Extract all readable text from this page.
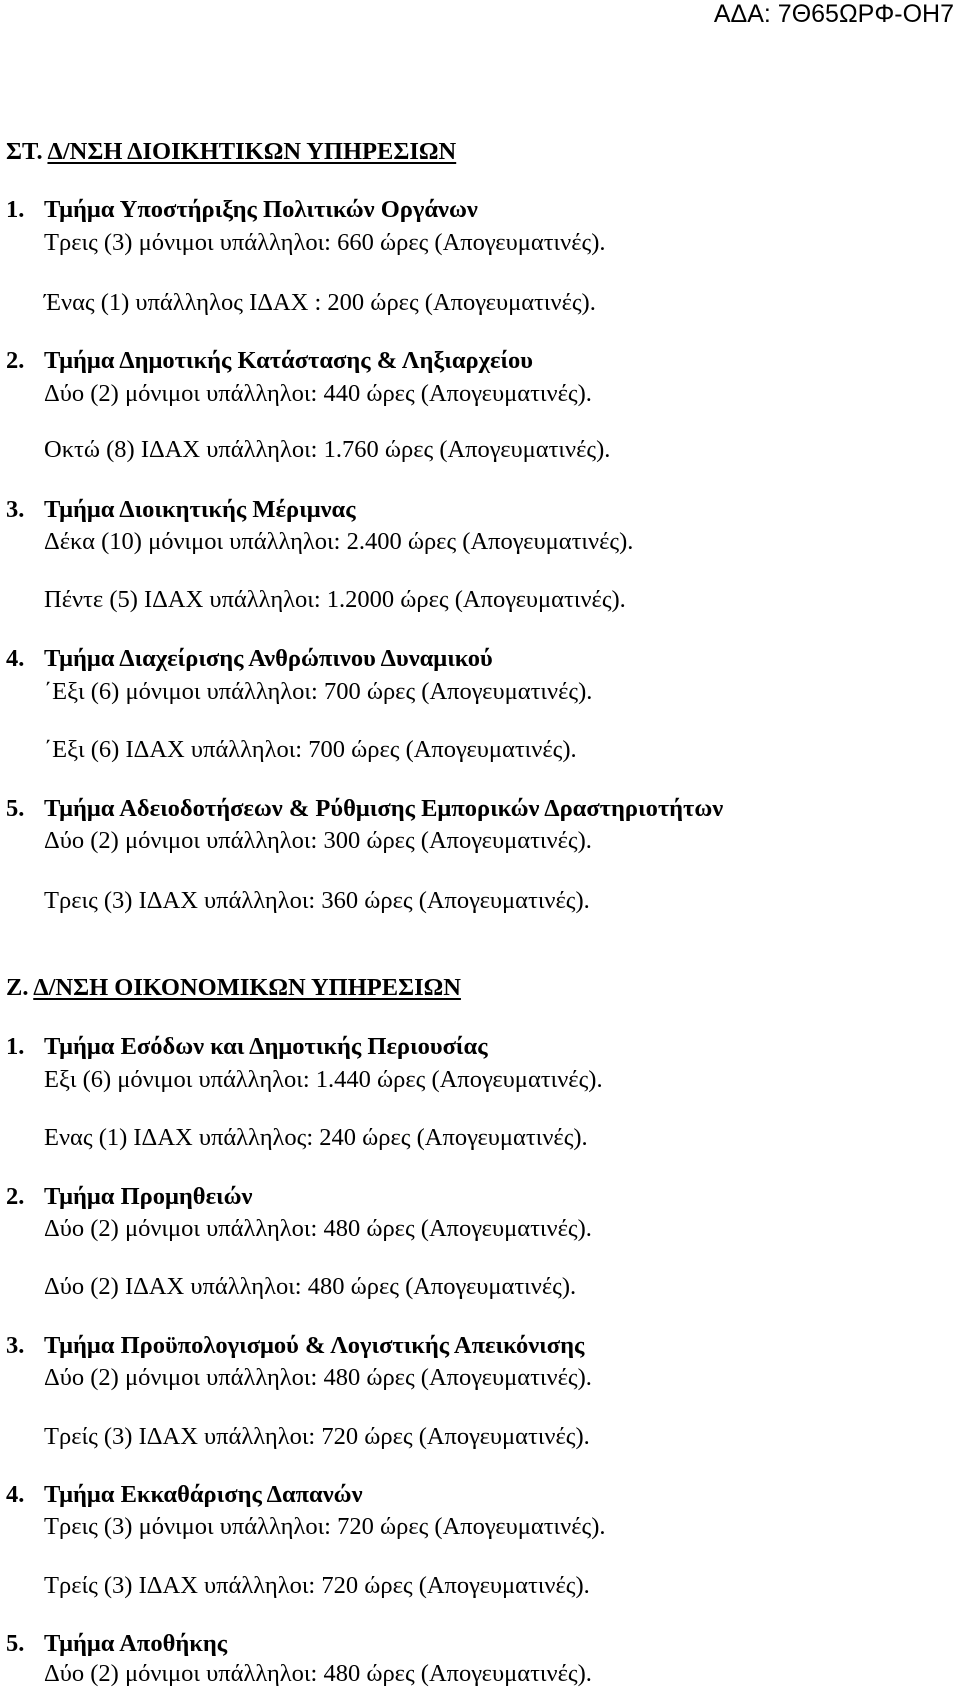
ΑΔΑ: 7Θ65ΩΡΦ-ΟΗ7
ΣΤ. Δ/ΝΣΗ ΔΙΟΙΚΗΤΙΚΩΝ ΥΠΗΡΕΣΙΩΝ
1. Τμήμα Υποστήριξης Πολιτικών Οργάνων
Τρεις (3) μόνιμοι υπάλληλοι: 660 ώρες (Απογευματινές).
Ένας (1) υπάλληλος ΙΔΑΧ : 200 ώρες (Απογευματινές).
2. Τμήμα Δημοτικής Κατάστασης & Ληξιαρχείου
Δύο (2) μόνιμοι υπάλληλοι: 440 ώρες (Απογευματινές).
Οκτώ (8) ΙΔΑΧ υπάλληλοι: 1.760 ώρες (Απογευματινές).
3. Τμήμα Διοικητικής Μέριμνας
Δέκα (10) μόνιμοι υπάλληλοι: 2.400 ώρες (Απογευματινές).
Πέντε (5) ΙΔΑΧ υπάλληλοι: 1.2000 ώρες (Απογευματινές).
4. Τμήμα Διαχείρισης Ανθρώπινου Δυναμικού
΄Εξι (6) μόνιμοι υπάλληλοι: 700 ώρες (Απογευματινές).
΄Εξι (6) ΙΔΑΧ υπάλληλοι: 700 ώρες (Απογευματινές).
5. Τμήμα Αδειοδοτήσεων & Ρύθμισης Εμπορικών Δραστηριοτήτων
Δύο (2) μόνιμοι υπάλληλοι: 300 ώρες (Απογευματινές).
Τρεις (3) ΙΔΑΧ υπάλληλοι: 360 ώρες (Απογευματινές).
Ζ. Δ/ΝΣΗ ΟΙΚΟΝΟΜΙΚΩΝ ΥΠΗΡΕΣΙΩΝ
1. Τμήμα Εσόδων και Δημοτικής Περιουσίας
Εξι (6) μόνιμοι υπάλληλοι: 1.440 ώρες (Απογευματινές).
Ενας (1) ΙΔΑΧ υπάλληλος: 240 ώρες (Απογευματινές).
2. Τμήμα Προμηθειών
Δύο (2) μόνιμοι υπάλληλοι: 480 ώρες (Απογευματινές).
Δύο (2) ΙΔΑΧ υπάλληλοι: 480 ώρες (Απογευματινές).
3. Τμήμα Προϋπολογισμού & Λογιστικής Απεικόνισης
Δύο (2) μόνιμοι υπάλληλοι: 480 ώρες (Απογευματινές).
Τρείς (3) ΙΔΑΧ υπάλληλοι: 720 ώρες (Απογευματινές).
4. Τμήμα Εκκαθάρισης Δαπανών
Τρεις (3) μόνιμοι υπάλληλοι: 720 ώρες (Απογευματινές).
Τρείς (3) ΙΔΑΧ υπάλληλοι: 720 ώρες (Απογευματινές).
5. Τμήμα Αποθήκης
Δύο (2) μόνιμοι υπάλληλοι: 480 ώρες (Απογευματινές).
